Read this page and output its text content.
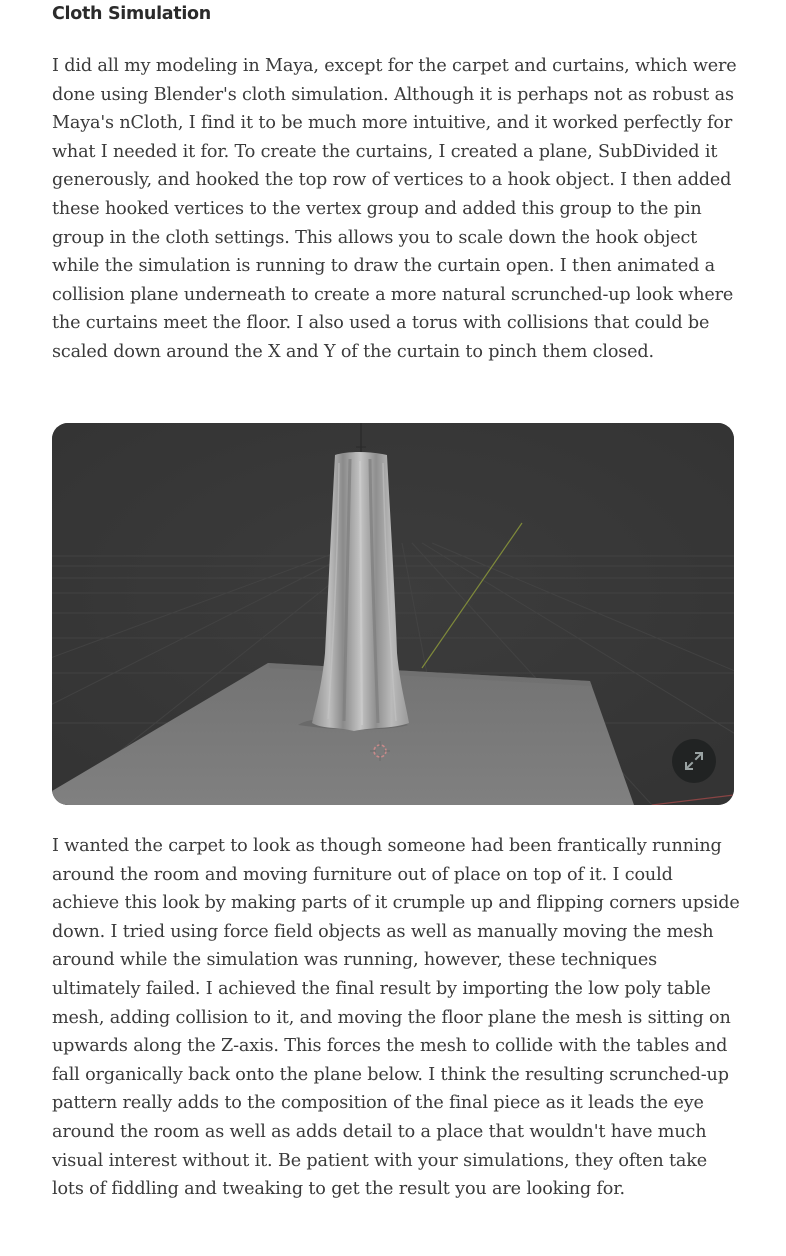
Cloth Simulation

I did all my modeling in Maya, except for the carpet and curtains, which were done using Blender's cloth simulation. Although it is perhaps not as robust as Maya's nCloth, I find it to be much more intuitive, and it worked perfectly for what I needed it for. To create the curtains, I created a plane, SubDivided it generously, and hooked the top row of vertices to a hook object. I then added these hooked vertices to the vertex group and added this group to the pin group in the cloth settings. This allows you to scale down the hook object while the simulation is running to draw the curtain open. I then animated a collision plane underneath to create a more natural scrunched-up look where the curtains meet the floor. I also used a torus with collisions that could be scaled down around the X and Y of the curtain to pinch them closed.

I wanted the carpet to look as though someone had been frantically running around the room and moving furniture out of place on top of it. I could achieve this look by making parts of it crumple up and flipping corners upside down. I tried using force field objects as well as manually moving the mesh around while the simulation was running, however, these techniques ultimately failed. I achieved the final result by importing the low poly table mesh, adding collision to it, and moving the floor plane the mesh is sitting on upwards along the Z-axis. This forces the mesh to collide with the tables and fall organically back onto the plane below. I think the resulting scrunched-up pattern really adds to the composition of the final piece as it leads the eye around the room as well as adds detail to a place that wouldn't have much visual interest without it. Be patient with your simulations, they often take lots of fiddling and tweaking to get the result you are looking for.
